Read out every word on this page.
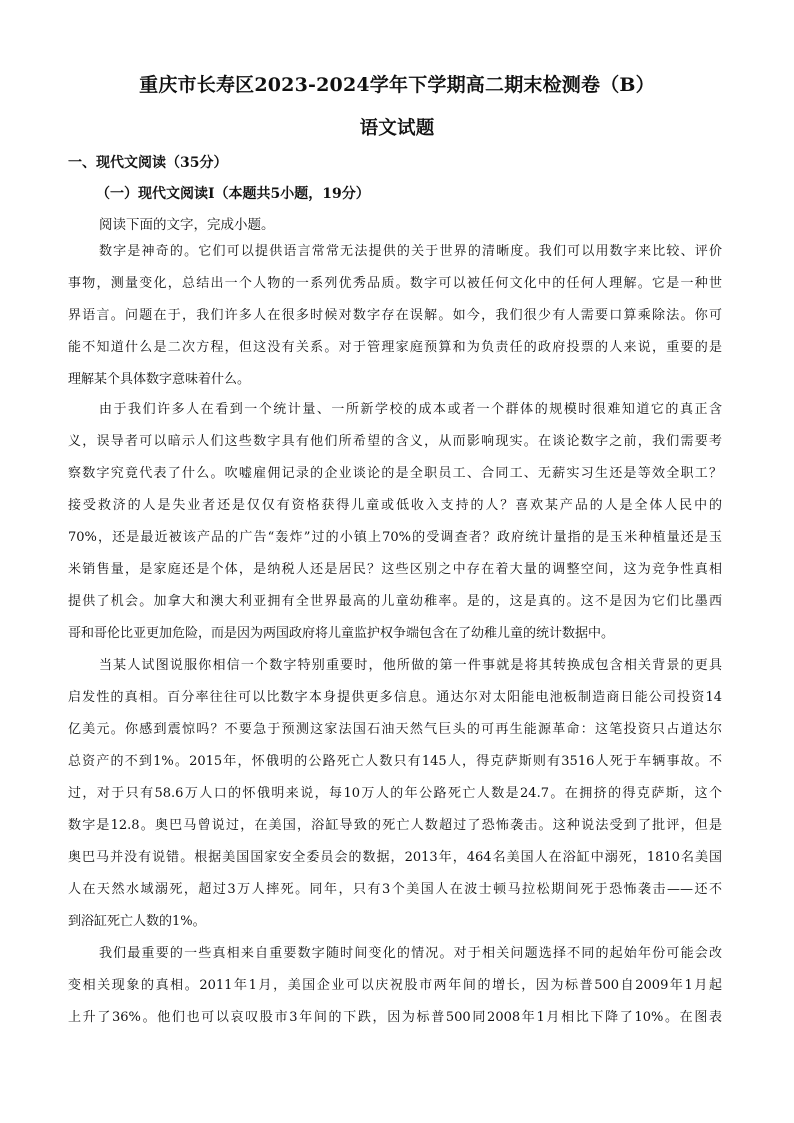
重庆市长寿区2023-2024学年下学期高二期末检测卷（B）
语文试题
一、现代文阅读（35分）
（一）现代文阅读Ⅰ（本题共5小题，19分）
阅读下面的文字，完成小题。
数字是神奇的。它们可以提供语言常常无法提供的关于世界的清晰度。我们可以用数字来比较、评价
事物，测量变化，总结出一个人物的一系列优秀品质。数字可以被任何文化中的任何人理解。它是一种世
界语言。问题在于，我们许多人在很多时候对数字存在误解。如今，我们很少有人需要口算乘除法。你可
能不知道什么是二次方程，但这没有关系。对于管理家庭预算和为负责任的政府投票的人来说，重要的是
理解某个具体数字意味着什么。
由于我们许多人在看到一个统计量、一所新学校的成本或者一个群体的规模时很难知道它的真正含
义，误导者可以暗示人们这些数字具有他们所希望的含义，从而影响现实。在谈论数字之前，我们需要考
察数字究竟代表了什么。吹嘘雇佣记录的企业谈论的是全职员工、合同工、无薪实习生还是等效全职工？
接受救济的人是失业者还是仅仅有资格获得儿童或低收入支持的人？喜欢某产品的人是全体人民中的
70%，还是最近被该产品的广告“轰炸”过的小镇上70%的受调查者？政府统计量指的是玉米种植量还是玉
米销售量，是家庭还是个体，是纳税人还是居民？这些区别之中存在着大量的调整空间，这为竞争性真相
提供了机会。加拿大和澳大利亚拥有全世界最高的儿童幼稚率。是的，这是真的。这不是因为它们比墨西
哥和哥伦比亚更加危险，而是因为两国政府将儿童监护权争端包含在了幼稚儿童的统计数据中。
当某人试图说服你相信一个数字特别重要时，他所做的第一件事就是将其转换成包含相关背景的更具
启发性的真相。百分率往往可以比数字本身提供更多信息。通达尔对太阳能电池板制造商日能公司投资14
亿美元。你感到震惊吗？不要急于预测这家法国石油天然气巨头的可再生能源革命：这笔投资只占道达尔
总资产的不到1%。2015年，怀俄明的公路死亡人数只有145人，得克萨斯则有3516人死于车辆事故。不
过，对于只有58.6万人口的怀俄明来说，每10万人的年公路死亡人数是24.7。在拥挤的得克萨斯，这个
数字是12.8。奥巴马曾说过，在美国，浴缸导致的死亡人数超过了恐怖袭击。这种说法受到了批评，但是
奥巴马并没有说错。根据美国国家安全委员会的数据，2013年，464名美国人在浴缸中溺死，1810名美国
人在天然水域溺死，超过3万人摔死。同年，只有3个美国人在波士顿马拉松期间死于恐怖袭击——还不
到浴缸死亡人数的1%。
我们最重要的一些真相来自重要数字随时间变化的情况。对于相关问题选择不同的起始年份可能会改
变相关现象的真相。2011年1月，美国企业可以庆祝股市两年间的增长，因为标普500自2009年1月起
上升了36%。他们也可以哀叹股市3年间的下跌，因为标普500同2008年1月相比下降了10%。在图表
